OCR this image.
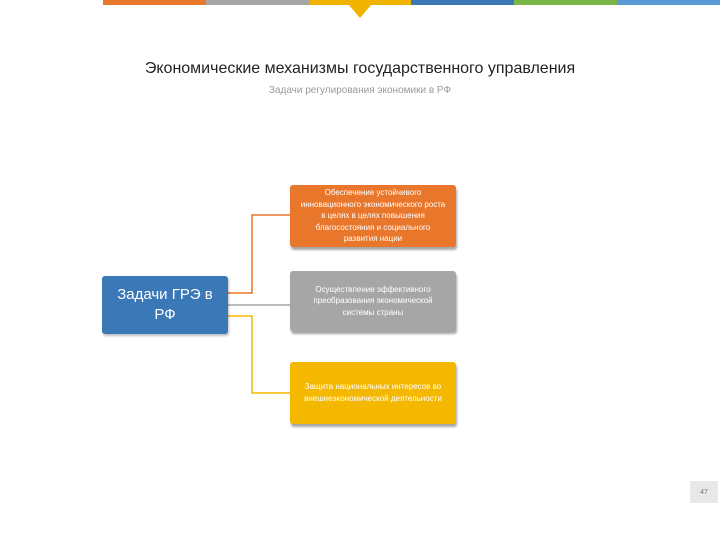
Экономические механизмы государственного управления
Задачи регулирования экономики в РФ
Задачи ГРЭ в РФ
Обеспечение устойчивого инновационного экономического роста в целях в целях повышения благосостояния и социального развития нации
Осуществление эффективного преобразования экономической системы страны
Защита национальных интересов во внешнеэкономической деятельности
47
